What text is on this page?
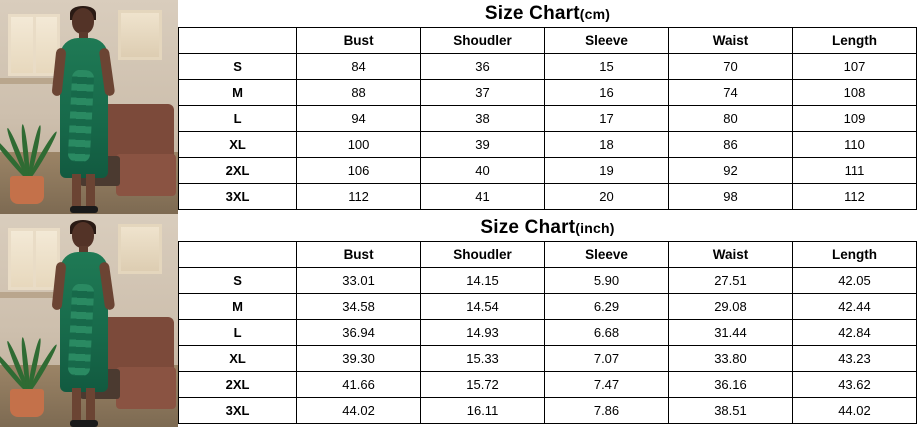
Size Chart(cm)
	Bust	Shoudler	Sleeve	Waist	Length
S	84	36	15	70	107
M	88	37	16	74	108
L	94	38	17	80	109
XL	100	39	18	86	110
2XL	106	40	19	92	111
3XL	112	41	20	98	112
Size Chart(inch)
	Bust	Shoudler	Sleeve	Waist	Length
S	33.01	14.15	5.90	27.51	42.05
M	34.58	14.54	6.29	29.08	42.44
L	36.94	14.93	6.68	31.44	42.84
XL	39.30	15.33	7.07	33.80	43.23
2XL	41.66	15.72	7.47	36.16	43.62
3XL	44.02	16.11	7.86	38.51	44.02
